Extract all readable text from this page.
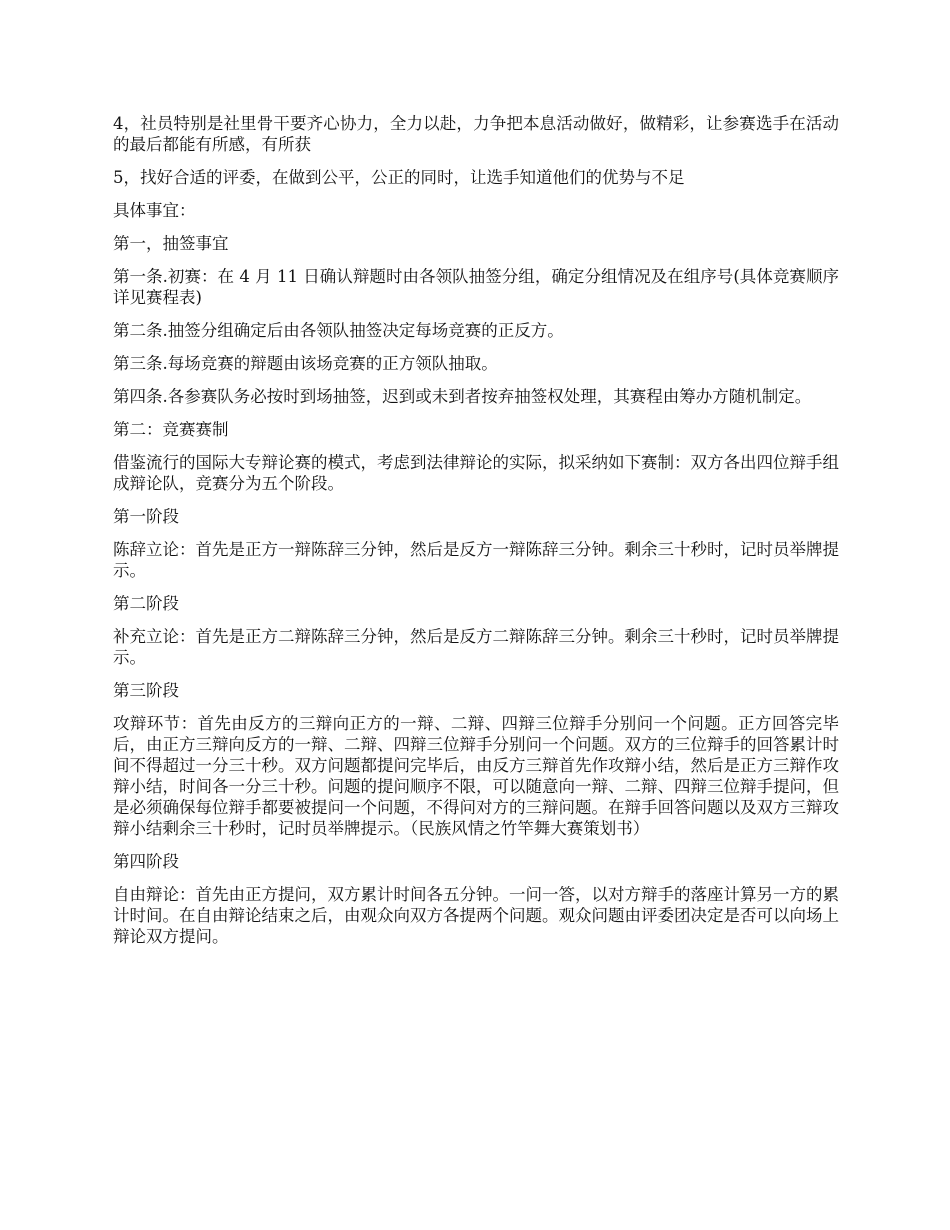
4，社员特别是社里骨干要齐心协力，全力以赴，力争把本息活动做好，做精彩，让参赛选手在活动的最后都能有所感，有所获

5，找好合适的评委，在做到公平，公正的同时，让选手知道他们的优势与不足

具体事宜：

第一，抽签事宜

第一条.初赛：在 4 月 11 日确认辩题时由各领队抽签分组，确定分组情况及在组序号(具体竞赛顺序详见赛程表)

第二条.抽签分组确定后由各领队抽签决定每场竞赛的正反方。

第三条.每场竞赛的辩题由该场竞赛的正方领队抽取。

第四条.各参赛队务必按时到场抽签，迟到或未到者按弃抽签权处理，其赛程由筹办方随机制定。

第二：竞赛赛制

借鉴流行的国际大专辩论赛的模式，考虑到法律辩论的实际，拟采纳如下赛制：双方各出四位辩手组成辩论队，竞赛分为五个阶段。

第一阶段

陈辞立论：首先是正方一辩陈辞三分钟，然后是反方一辩陈辞三分钟。剩余三十秒时，记时员举牌提示。

第二阶段

补充立论：首先是正方二辩陈辞三分钟，然后是反方二辩陈辞三分钟。剩余三十秒时，记时员举牌提示。

第三阶段

攻辩环节：首先由反方的三辩向正方的一辩、二辩、四辩三位辩手分别问一个问题。正方回答完毕后，由正方三辩向反方的一辩、二辩、四辩三位辩手分别问一个问题。双方的三位辩手的回答累计时间不得超过一分三十秒。双方问题都提问完毕后，由反方三辩首先作攻辩小结，然后是正方三辩作攻辩小结，时间各一分三十秒。问题的提问顺序不限，可以随意向一辩、二辩、四辩三位辩手提问，但是必须确保每位辩手都要被提问一个问题，不得问对方的三辩问题。在辩手回答问题以及双方三辩攻辩小结剩余三十秒时，记时员举牌提示。（民族风情之竹竿舞大赛策划书）

第四阶段

自由辩论：首先由正方提问，双方累计时间各五分钟。一问一答，以对方辩手的落座计算另一方的累计时间。在自由辩论结束之后，由观众向双方各提两个问题。观众问题由评委团决定是否可以向场上辩论双方提问。
